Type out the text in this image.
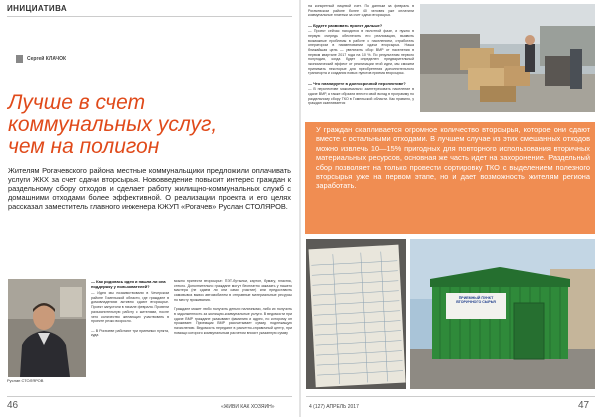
ИНИЦИАТИВА
Сергей КЛАЧОК
Лучше в счет коммунальных услуг, чем на полигон
Жителям Рогачевского района местные коммунальщики предложили оплачивать услуги ЖКХ за счет сдачи вторсырья. Нововведение повысит интерес граждан к раздельному сбору отходов и сделает работу жилищно-коммунальных служб с домашними отходами более эффективной. О реализации проекта и его целях рассказал заместитель главного инженера КЖУП «Рогачев» Руслан СТОЛЯРОВ.
Руслан СТОЛЯРОВ
— Как родилась идея и нашла ли она поддержку у пользователей?

— Идея мы позаимствовали в Чечерском районе Гомельской области, где граждане в домовладениях активно сдают вторсырье. Проект запустили в начале февраля. Провели разъяснительную работу с жителями, после чего количество желающих участвовать в проекте резко возросло.

— В Рогачеве работают три приемных пункта, куда

можно принести вторсырье: ПЭТ-бутылки, картон, бумагу, пластик, стекло. Дополнительно граждане могут бесплатно заказать у нашего мастера (не сдаем ли они сами участие) или предоставить самовывоз вывоз автомобилем в отправные материальные ресурсы по месту проживания.

Граждане может любо получить деньги наличными, либо их получить в задолженность за жилищно-коммунальные услуги. В ведомости при сдаче ВМР граждане указывают фамилию и адрес, по которому он проживает. Приемщик ВМР рассчитывает сумму, подлежащую начислению. Ведомость передают в расчетно-справочный центр, при помощи которого коммунальным расчетом вносит указанную сумму

на конкретный лицевой счет. По данным за февраль в Рогачевском районе более 40 человек уже оплатили коммунальные платежи за счет сдачи вторсырья.

— Будете развивать проект дальше?

— Проект сейчас находится в пилотной фазе, и нужно в первую очередь обеспечить его реализацию, выявить возможные проблемы в работе с населением, отработать оператором в наименовании сдачи вторсырья. Наша ближайшая цель — увеличить сбор ВМР от населения в первом квартале 2017 года на 10 %. По результатам первого полугодия, когда будет определен предварительный экономический эффект от реализации этой идеи, мы сможем принимать некоторые для преобретения дополнительного транспорта и создания новых пунктов приема вторсырья.

— Что планируете в долгосрочной перспективе?

— В перспективе максимально заинтересовать население в сдаче ВМР, а также обрзали внести свой вклад в программу по раздельному сбору ТКО в Гомельской области. Как правило, у граждан скапливается

У граждан скапливается огромное количество вторсырья, которое они сдают вместе с остальными отходами. В лучшем случае из этих смешанных отходов можно извлечь 10—15% пригодных для повторного использования вторичных материальных ресурсов, основная же часть идет на захоронение. Раздельный сбор позволяет на только провести сортировку ТКО с выделением полезного вторсырья уже на первом этапе, но и дает возможность жителям региона заработать.
ПРИЕМНЫЙ ПУНКТ ВТОРИЧНОГО СЫРЬЯ
46	«ЖИВИ КАК ХОЗЯИН»	4 (127) АПРЕЛЬ 2017	47
